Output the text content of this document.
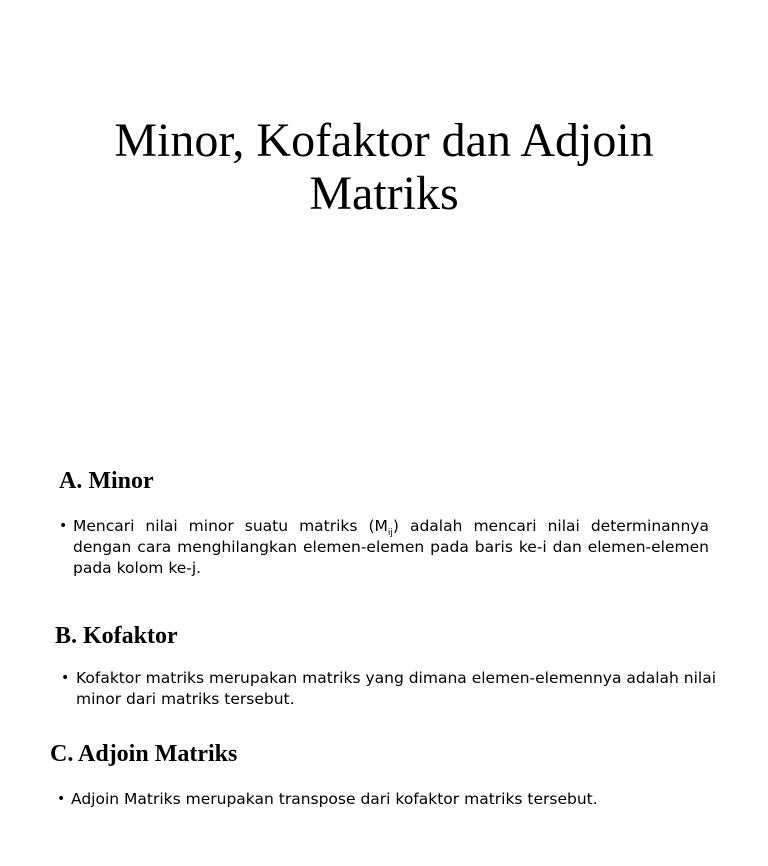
Minor, Kofaktor dan Adjoin
Matriks
A. Minor
• Mencari nilai minor suatu matriks $(M_{ij})$ adalah mencari nilai determinannya dengan cara menghilangkan elemen-elemen pada baris ke-i dan elemen-elemen pada kolom ke-j.
B. Kofaktor
• Kofaktor matriks merupakan matriks yang dimana elemen-elemennya adalah nilai minor dari matriks tersebut.
C. Adjoin Matriks
• Adjoin Matriks merupakan transpose dari kofaktor matriks tersebut.
